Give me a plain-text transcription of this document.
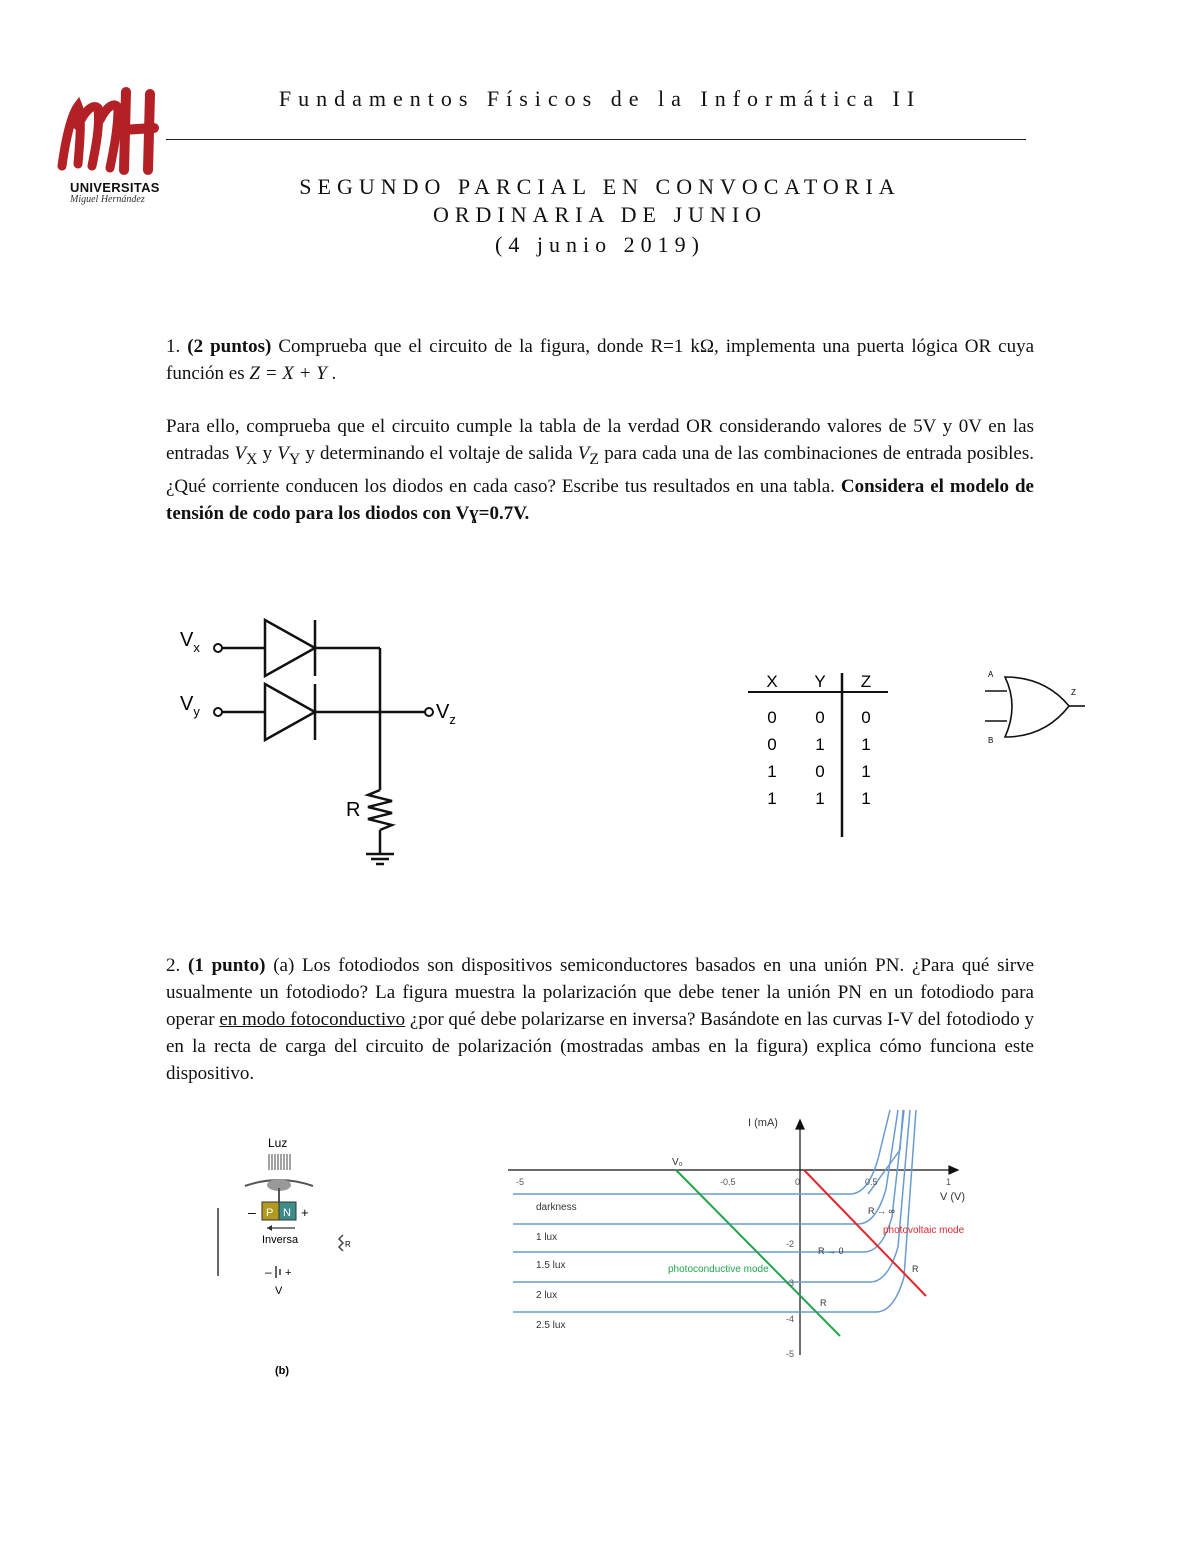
UNIVERSITAS
Miguel Hernández
Fundamentos Físicos de la Informática II
SEGUNDO PARCIAL EN CONVOCATORIA
ORDINARIA DE JUNIO
(4 junio 2019)
1. (2 puntos) Comprueba que el circuito de la figura, donde R=1 kΩ, implementa una puerta lógica OR cuya función es Z = X + Y .
Para ello, comprueba que el circuito cumple la tabla de la verdad OR considerando valores de 5V y 0V en las entradas $V_X$ y $V_Y$ y determinando el voltaje de salida $V_Z$ para cada una de las combinaciones de entrada posibles. ¿Qué corriente conducen los diodos en cada caso? Escribe tus resultados en una tabla. Considera el modelo de tensión de codo para los diodos con Vɣ=0.7V.
$V_x$
$V_y$	$V_z$
R
X Y Z
0 0 0
0 1 1
1 0 1
1 1 1
A
B
Z
2. (1 punto) (a) Los fotodiodos son dispositivos semiconductores basados en una unión PN. ¿Para qué sirve usualmente un fotodiodo? La figura muestra la polarización que debe tener la unión PN en un fotodiodo para operar en modo fotoconductivo ¿por qué debe polarizarse en inversa? Basándote en las curvas I-V del fotodiodo y en la recta de carga del circuito de polarización (mostradas ambas en la figura) explica cómo funciona este dispositivo.
Luz
P N
–	+
Inversa	R
– +
V
(b)
I (mA)
V (V)
V₀
-5	-0.5	0	0.5	1
-2
-3
-4
-5
darkness
1 lux
1.5 lux
2 lux
2.5 lux
photoconductive mode
photovoltaic mode
R → ∞
R → 0
R
R
